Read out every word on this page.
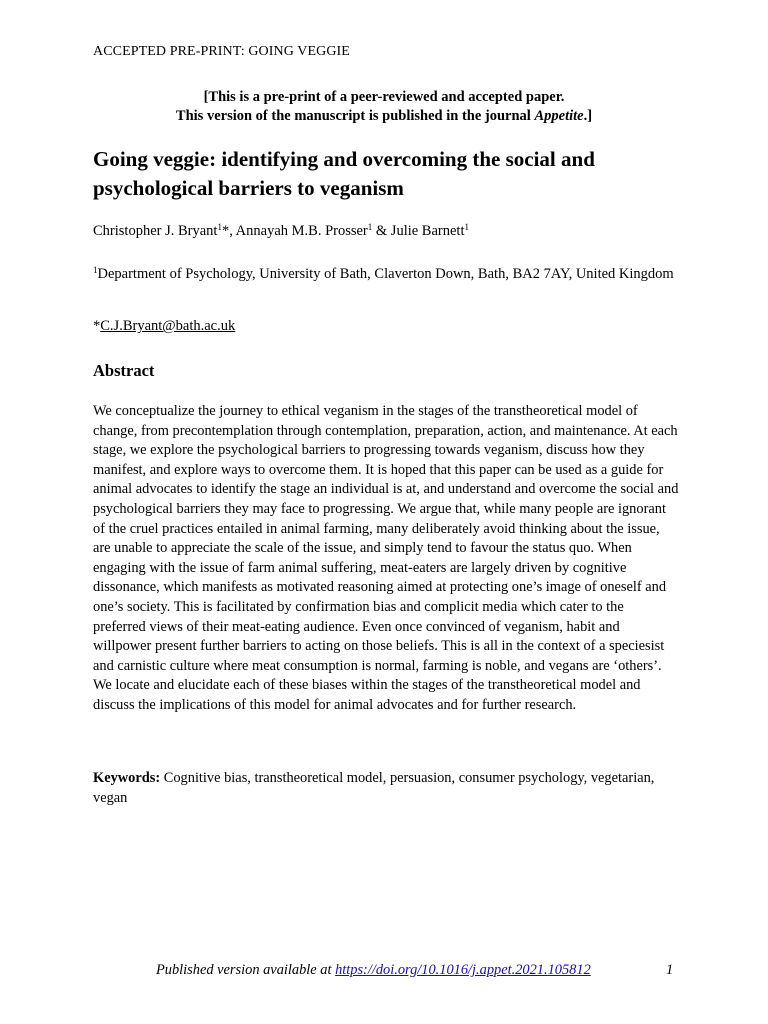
ACCEPTED PRE-PRINT: GOING VEGGIE
[This is a pre-print of a peer-reviewed and accepted paper.
This version of the manuscript is published in the journal Appetite.]
Going veggie: identifying and overcoming the social and psychological barriers to veganism
Christopher J. Bryant$^1$*, Annayah M.B. Prosser$^1$ & Julie Barnett$^1$
$^1$Department of Psychology, University of Bath, Claverton Down, Bath, BA2 7AY, United Kingdom
*C.J.Bryant@bath.ac.uk
Abstract

We conceptualize the journey to ethical veganism in the stages of the transtheoretical model of change, from precontemplation through contemplation, preparation, action, and maintenance. At each stage, we explore the psychological barriers to progressing towards veganism, discuss how they manifest, and explore ways to overcome them. It is hoped that this paper can be used as a guide for animal advocates to identify the stage an individual is at, and understand and overcome the social and psychological barriers they may face to progressing. We argue that, while many people are ignorant of the cruel practices entailed in animal farming, many deliberately avoid thinking about the issue, are unable to appreciate the scale of the issue, and simply tend to favour the status quo. When engaging with the issue of farm animal suffering, meat-eaters are largely driven by cognitive dissonance, which manifests as motivated reasoning aimed at protecting one’s image of oneself and one’s society. This is facilitated by confirmation bias and complicit media which cater to the preferred views of their meat-eating audience. Even once convinced of veganism, habit and willpower present further barriers to acting on those beliefs. This is all in the context of a speciesist and carnistic culture where meat consumption is normal, farming is noble, and vegans are ‘others’. We locate and elucidate each of these biases within the stages of the transtheoretical model and discuss the implications of this model for animal advocates and for further research.

Keywords: Cognitive bias, transtheoretical model, persuasion, consumer psychology, vegetarian, vegan

Published version available at https://doi.org/10.1016/j.appet.2021.105812	1
